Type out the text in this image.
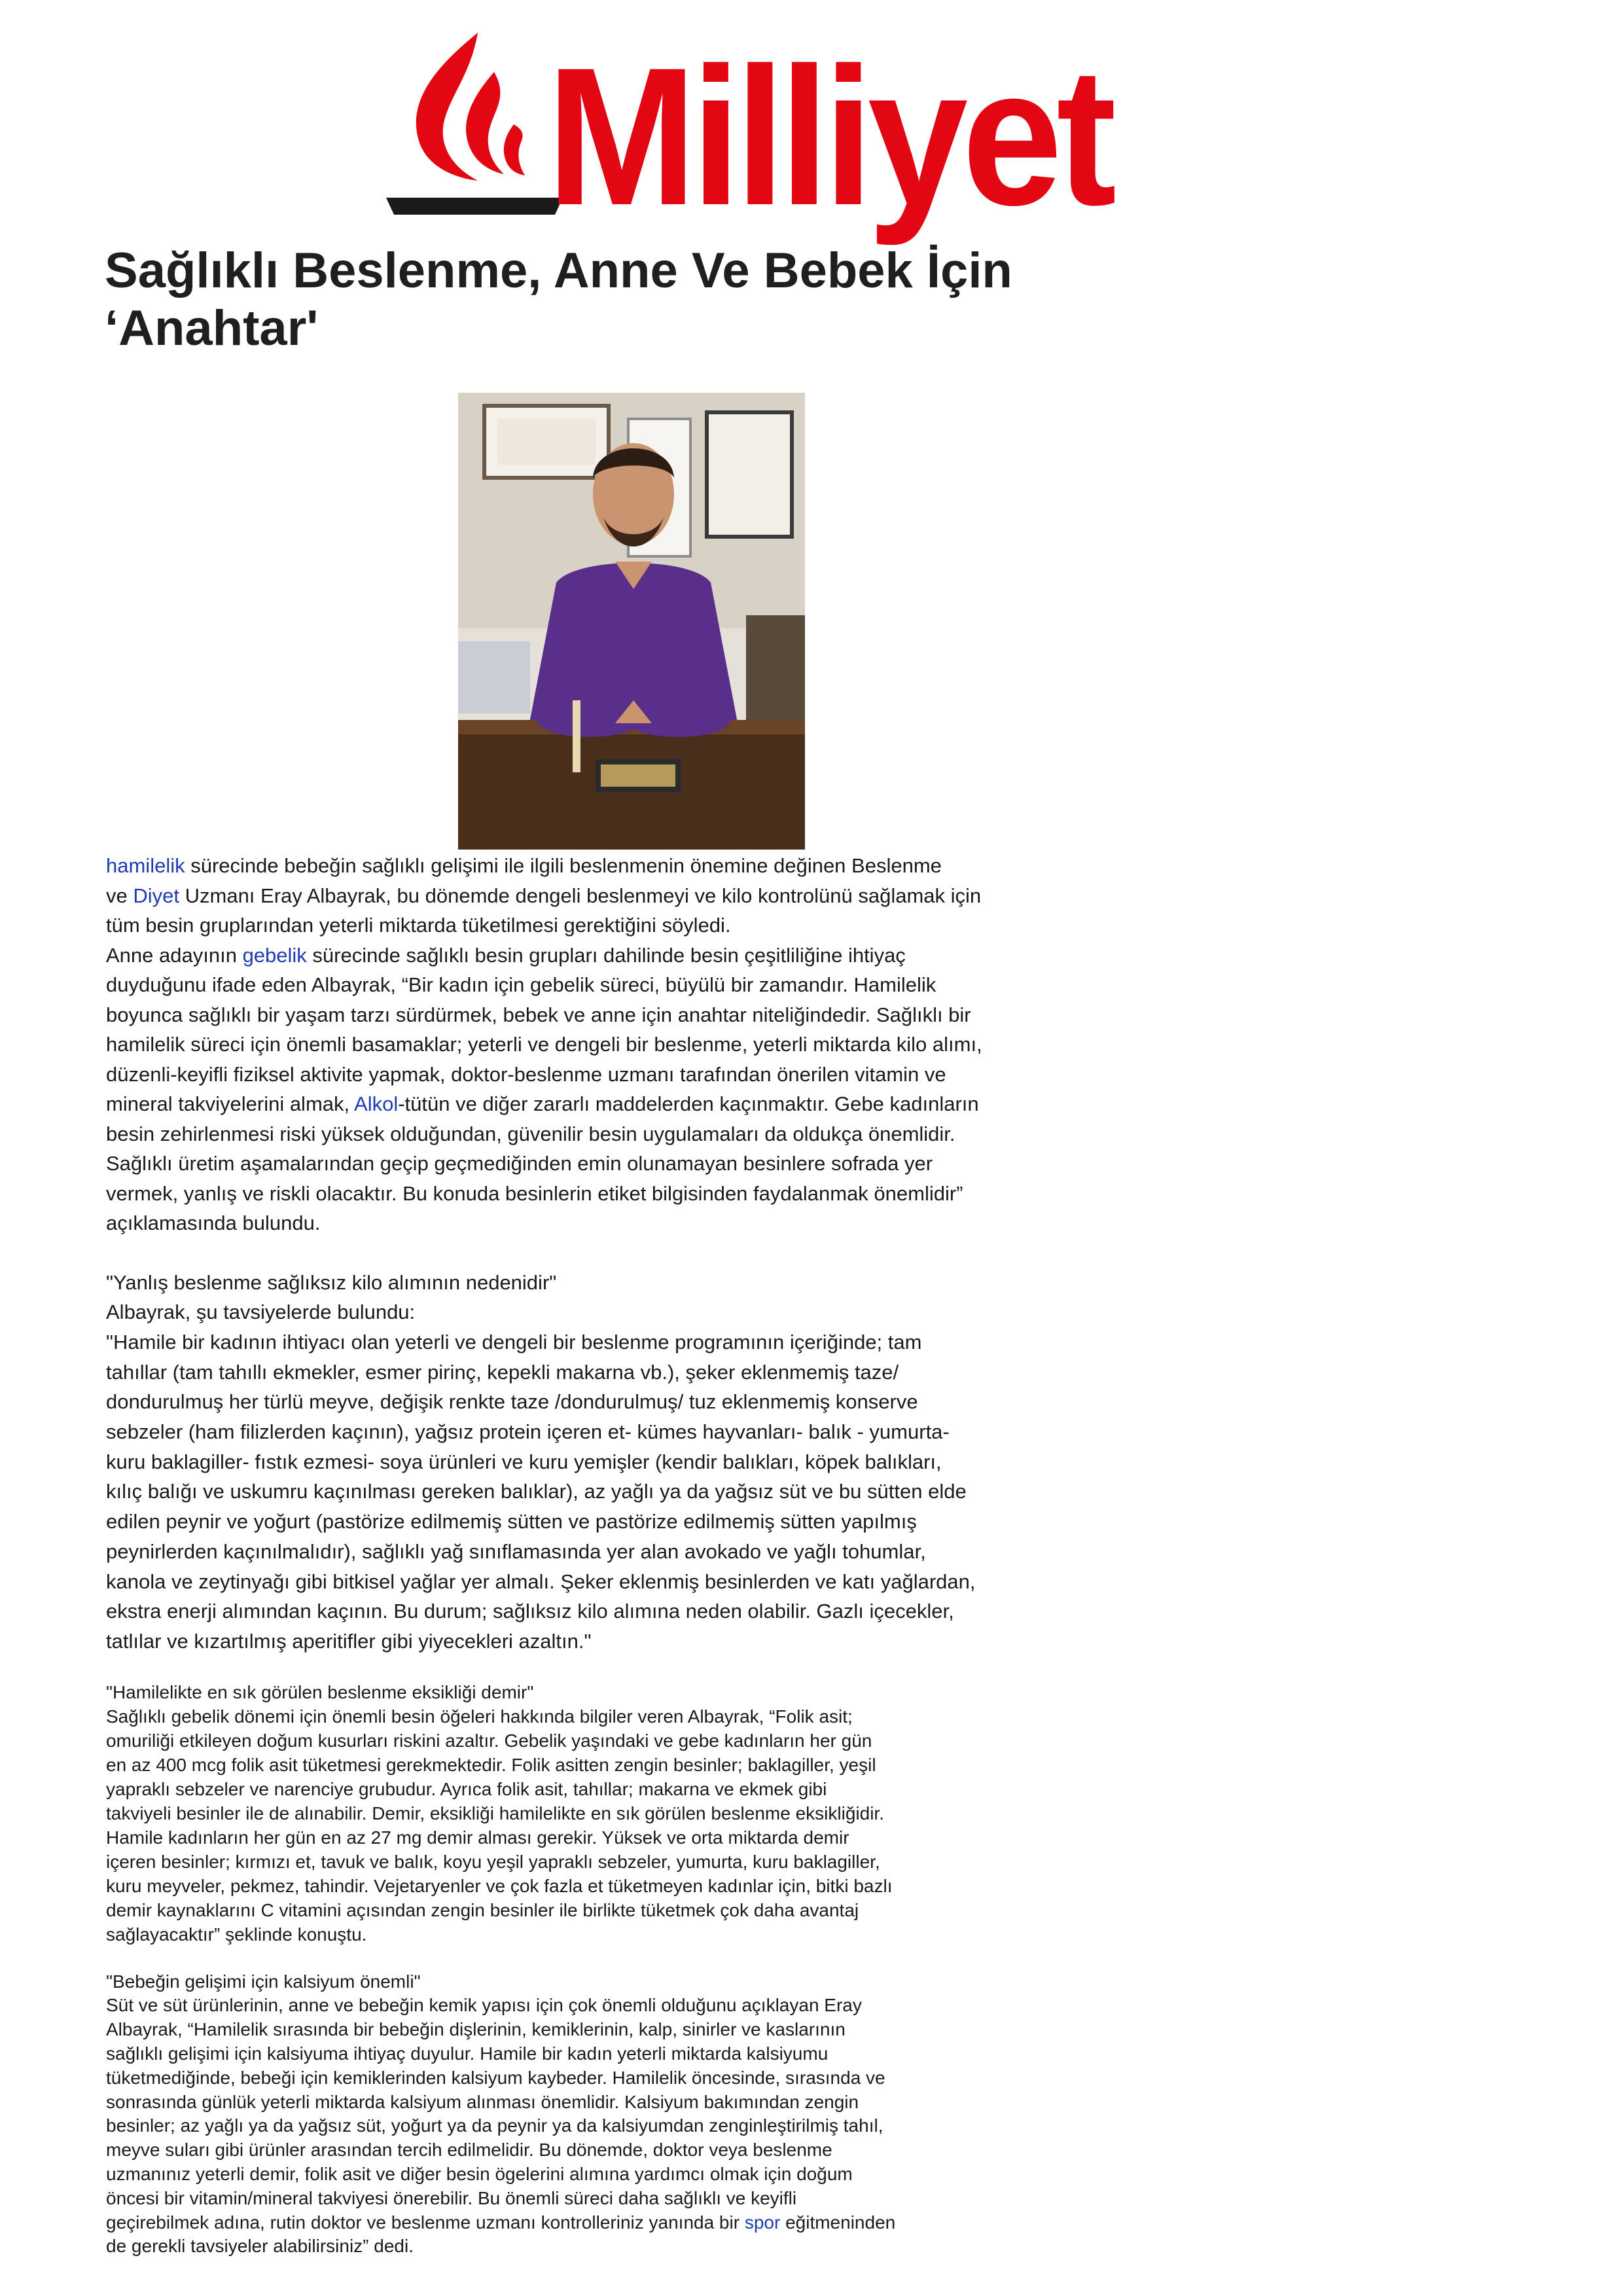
Milliyet
Sağlıklı Beslenme, Anne Ve Bebek İçin
‘Anahtar'

hamilelik sürecinde bebeğin sağlıklı gelişimi ile ilgili beslenmenin önemine değinen Beslenme
ve Diyet Uzmanı Eray Albayrak, bu dönemde dengeli beslenmeyi ve kilo kontrolünü sağlamak için
tüm besin gruplarından yeterli miktarda tüketilmesi gerektiğini söyledi.
Anne adayının gebelik sürecinde sağlıklı besin grupları dahilinde besin çeşitliliğine ihtiyaç
duyduğunu ifade eden Albayrak, “Bir kadın için gebelik süreci, büyülü bir zamandır. Hamilelik
boyunca sağlıklı bir yaşam tarzı sürdürmek, bebek ve anne için anahtar niteliğindedir. Sağlıklı bir
hamilelik süreci için önemli basamaklar; yeterli ve dengeli bir beslenme, yeterli miktarda kilo alımı,
düzenli-keyifli fiziksel aktivite yapmak, doktor-beslenme uzmanı tarafından önerilen vitamin ve
mineral takviyelerini almak, Alkol-tütün ve diğer zararlı maddelerden kaçınmaktır. Gebe kadınların
besin zehirlenmesi riski yüksek olduğundan, güvenilir besin uygulamaları da oldukça önemlidir.
Sağlıklı üretim aşamalarından geçip geçmediğinden emin olunamayan besinlere sofrada yer
vermek, yanlış ve riskli olacaktır. Bu konuda besinlerin etiket bilgisinden faydalanmak önemlidir”
açıklamasında bulundu.

"Yanlış beslenme sağlıksız kilo alımının nedenidir"
Albayrak, şu tavsiyelerde bulundu:
"Hamile bir kadının ihtiyacı olan yeterli ve dengeli bir beslenme programının içeriğinde; tam
tahıllar (tam tahıllı ekmekler, esmer pirinç, kepekli makarna vb.), şeker eklenmemiş taze/
dondurulmuş her türlü meyve, değişik renkte taze /dondurulmuş/ tuz eklenmemiş konserve
sebzeler (ham filizlerden kaçının), yağsız protein içeren et- kümes hayvanları- balık - yumurta-
kuru baklagiller- fıstık ezmesi- soya ürünleri ve kuru yemişler (kendir balıkları, köpek balıkları,
kılıç balığı ve uskumru kaçınılması gereken balıklar), az yağlı ya da yağsız süt ve bu sütten elde
edilen peynir ve yoğurt (pastörize edilmemiş sütten ve pastörize edilmemiş sütten yapılmış
peynirlerden kaçınılmalıdır), sağlıklı yağ sınıflamasında yer alan avokado ve yağlı tohumlar,
kanola ve zeytinyağı gibi bitkisel yağlar yer almalı. Şeker eklenmiş besinlerden ve katı yağlardan,
ekstra enerji alımından kaçının. Bu durum; sağlıksız kilo alımına neden olabilir. Gazlı içecekler,
tatlılar ve kızartılmış aperitifler gibi yiyecekleri azaltın."

"Hamilelikte en sık görülen beslenme eksikliği demir"
Sağlıklı gebelik dönemi için önemli besin öğeleri hakkında bilgiler veren Albayrak, “Folik asit;
omuriliği etkileyen doğum kusurları riskini azaltır. Gebelik yaşındaki ve gebe kadınların her gün
en az 400 mcg folik asit tüketmesi gerekmektedir. Folik asitten zengin besinler; baklagiller, yeşil
yapraklı sebzeler ve narenciye grubudur. Ayrıca folik asit, tahıllar; makarna ve ekmek gibi
takviyeli besinler ile de alınabilir. Demir, eksikliği hamilelikte en sık görülen beslenme eksikliğidir.
Hamile kadınların her gün en az 27 mg demir alması gerekir. Yüksek ve orta miktarda demir
içeren besinler; kırmızı et, tavuk ve balık, koyu yeşil yapraklı sebzeler, yumurta, kuru baklagiller,
kuru meyveler, pekmez, tahindir. Vejetaryenler ve çok fazla et tüketmeyen kadınlar için, bitki bazlı
demir kaynaklarını C vitamini açısından zengin besinler ile birlikte tüketmek çok daha avantaj
sağlayacaktır” şeklinde konuştu.

"Bebeğin gelişimi için kalsiyum önemli"
Süt ve süt ürünlerinin, anne ve bebeğin kemik yapısı için çok önemli olduğunu açıklayan Eray
Albayrak, “Hamilelik sırasında bir bebeğin dişlerinin, kemiklerinin, kalp, sinirler ve kaslarının
sağlıklı gelişimi için kalsiyuma ihtiyaç duyulur. Hamile bir kadın yeterli miktarda kalsiyumu
tüketmediğinde, bebeği için kemiklerinden kalsiyum kaybeder. Hamilelik öncesinde, sırasında ve
sonrasında günlük yeterli miktarda kalsiyum alınması önemlidir. Kalsiyum bakımından zengin
besinler; az yağlı ya da yağsız süt, yoğurt ya da peynir ya da kalsiyumdan zenginleştirilmiş tahıl,
meyve suları gibi ürünler arasından tercih edilmelidir. Bu dönemde, doktor veya beslenme
uzmanınız yeterli demir, folik asit ve diğer besin ögelerini alımına yardımcı olmak için doğum
öncesi bir vitamin/mineral takviyesi önerebilir. Bu önemli süreci daha sağlıklı ve keyifli
geçirebilmek adına, rutin doktor ve beslenme uzmanı kontrolleriniz yanında bir spor eğitmeninden
de gerekli tavsiyeler alabilirsiniz” dedi.
